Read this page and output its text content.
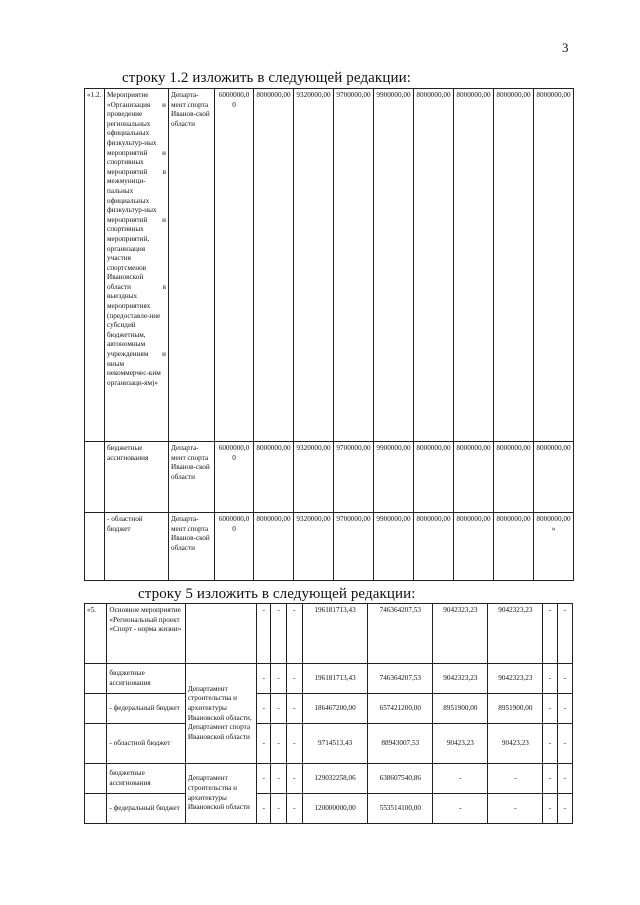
3
строку 1.2 изложить в следующей редакции:
«1.2.	Мероприятие «Организация и проведение региональных официальных физкультур-ных мероприятий и спортивных мероприятий в межмуници-пальных официальных физкультур-ных мероприятий и спортивных мероприятий, организация участия спортсменов Ивановской области в выездных мероприятиях (предоставле-ние субсидий бюджетным, автономным учреждениям и иным некоммерчес-ким организаци-ям)»	Департа-мент спорта Иванов-ской области	6000000,00	8000000,00	9320000,00	9700000,00	9900000,00	8000000,00	8000000,00	8000000,00	8000000,00
	бюджетные ассигнования	Департа-мент спорта Иванов-ской области	6000000,00	8000000,00	9320000,00	9700000,00	9900000,00	8000000,00	8000000,00	8000000,00	8000000,00
	- областной бюджет	Департа-мент спорта Иванов-ской области	6000000,00	8000000,00	9320000,00	9700000,00	9900000,00	8000000,00	8000000,00	8000000,00	8000000,00»
строку 5 изложить в следующей редакции:
«5.	Основное мероприятие «Региональный проект «Спорт - норма жизни»		-	-	-	196181713,43	746364207,53	9042323,23	9042323,23	-	-
	бюджетные ассигнования	Департамент строительства и архитектуры Ивановской области, Департамент спорта Ивановской области	-	-	-	196181713,43	746364207,53	9042323,23	9042323,23	-	-
	- федеральный бюджет		-	-	-	186467200,00	657421200,00	8951900,00	8951900,00	-	-
	- областной бюджет		-	-	-	9714513,43	88943007,53	90423,23	90423,23	-	-
	бюджетные ассигнования	Департамент строительства и архитектуры Ивановской области	-	-	-	129032258,06	638607540,86	-	-	-	-
	- федеральный бюджет		-	-	-	120000000,00	553514100,00	-	-	-	-
